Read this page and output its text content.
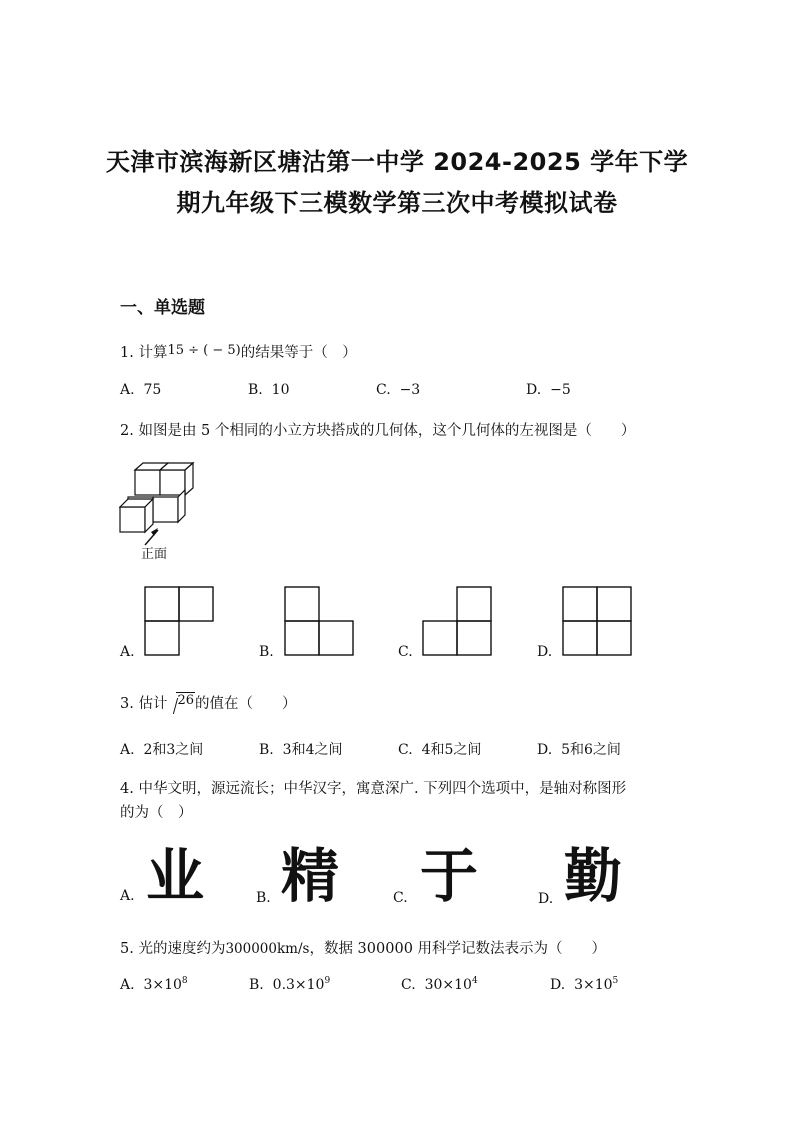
天津市滨海新区塘沽第一中学 2024-2025 学年下学
期九年级下三模数学第三次中考模拟试卷
一、单选题
1. 计算15 ÷ ( − 5)的结果等于（　）
A. 75	B. 10	C. −3	D. −5
2. 如图是由 5 个相同的小立方块搭成的几何体，这个几何体的左视图是（　　）
正面
A.	B.	C.	D.
3. 估计 26的值在（　　）
A. 2和3之间	B. 3和4之间	C. 4和5之间	D. 5和6之间
4. 中华文明，源远流长；中华汉字，寓意深广. 下列四个选项中，是轴对称图形
的为（　）
A. 业	B. 精	C. 于	D. 勤
5. 光的速度约为300000km/s，数据 300000 用科学记数法表示为（　　）
A. $3\times 10^8$	B. $0.3\times 10^9$	C. $30\times 10^4$	D. $3\times 10^5$
